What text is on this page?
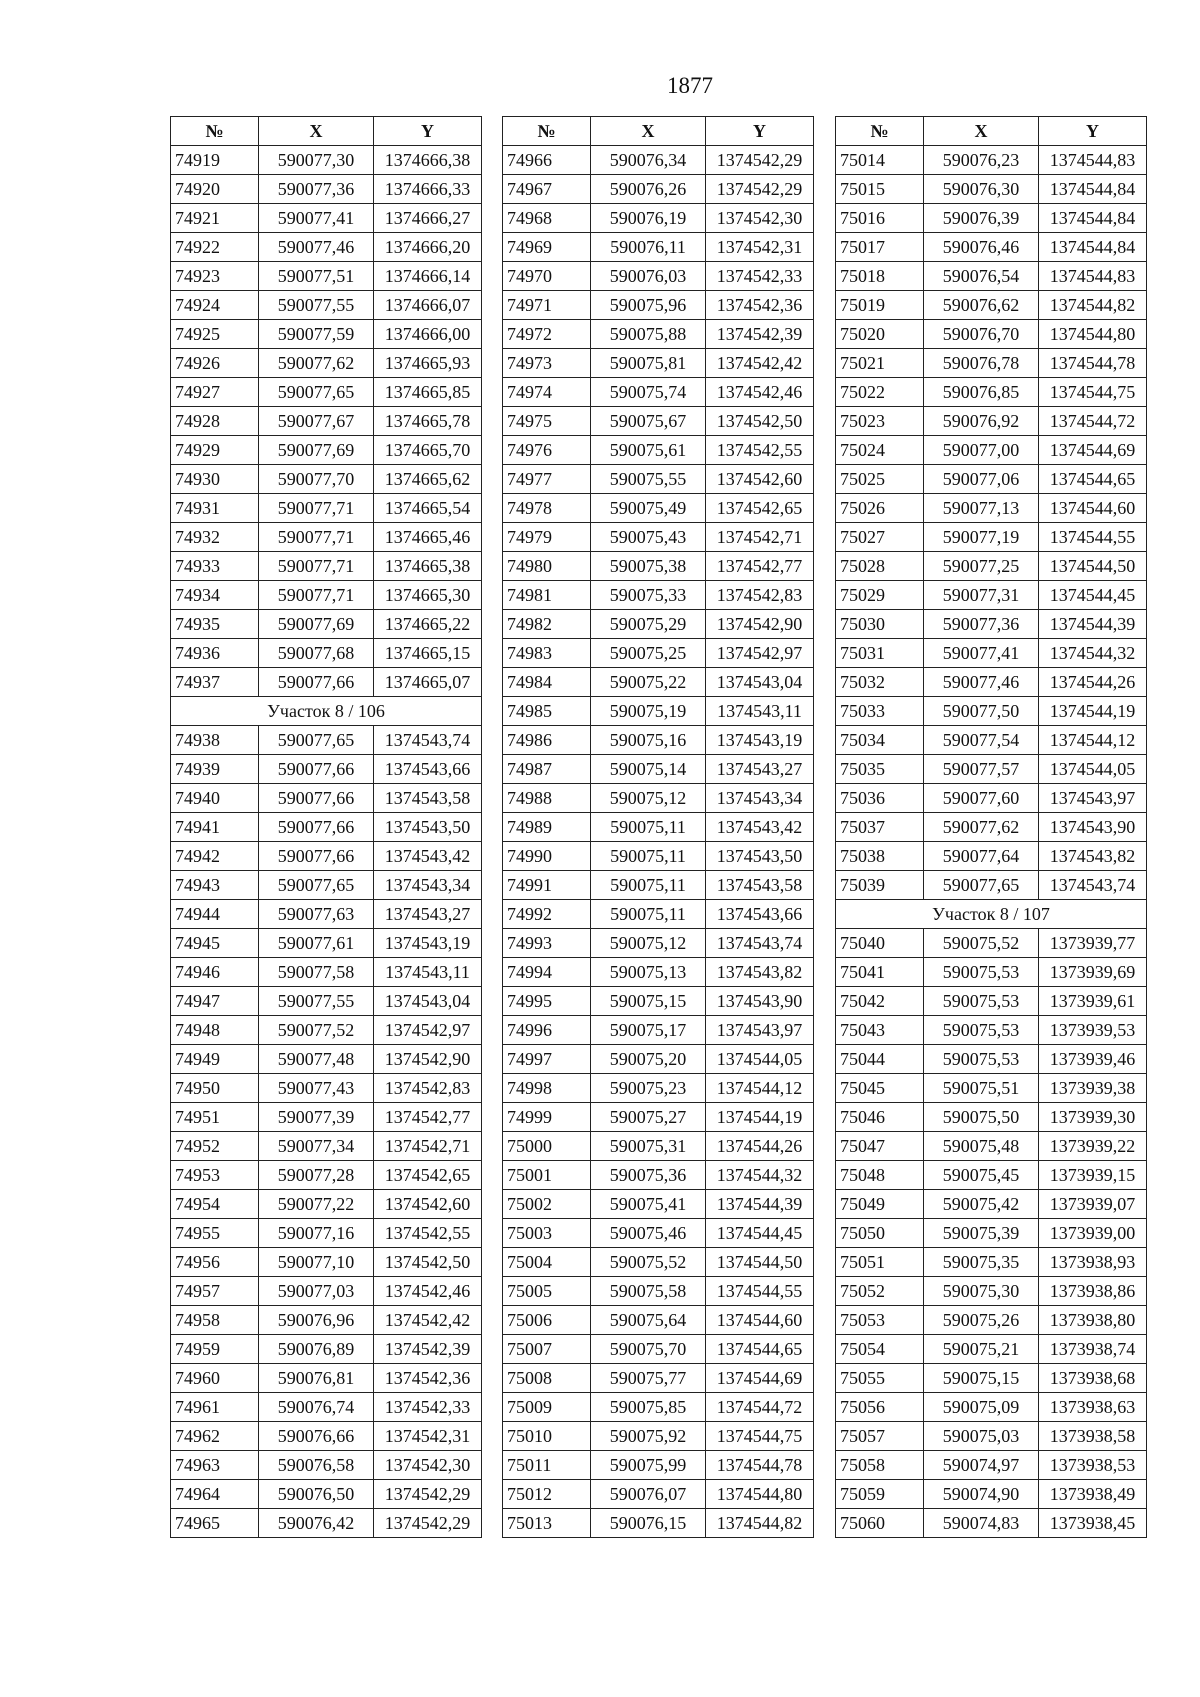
1877
№	X	Y
74919	590077,30	1374666,38
74920	590077,36	1374666,33
74921	590077,41	1374666,27
74922	590077,46	1374666,20
74923	590077,51	1374666,14
74924	590077,55	1374666,07
74925	590077,59	1374666,00
74926	590077,62	1374665,93
74927	590077,65	1374665,85
74928	590077,67	1374665,78
74929	590077,69	1374665,70
74930	590077,70	1374665,62
74931	590077,71	1374665,54
74932	590077,71	1374665,46
74933	590077,71	1374665,38
74934	590077,71	1374665,30
74935	590077,69	1374665,22
74936	590077,68	1374665,15
74937	590077,66	1374665,07
Участок 8 / 106		
74938	590077,65	1374543,74
74939	590077,66	1374543,66
74940	590077,66	1374543,58
74941	590077,66	1374543,50
74942	590077,66	1374543,42
74943	590077,65	1374543,34
74944	590077,63	1374543,27
74945	590077,61	1374543,19
74946	590077,58	1374543,11
74947	590077,55	1374543,04
74948	590077,52	1374542,97
74949	590077,48	1374542,90
74950	590077,43	1374542,83
74951	590077,39	1374542,77
74952	590077,34	1374542,71
74953	590077,28	1374542,65
74954	590077,22	1374542,60
74955	590077,16	1374542,55
74956	590077,10	1374542,50
74957	590077,03	1374542,46
74958	590076,96	1374542,42
74959	590076,89	1374542,39
74960	590076,81	1374542,36
74961	590076,74	1374542,33
74962	590076,66	1374542,31
74963	590076,58	1374542,30
74964	590076,50	1374542,29
74965	590076,42	1374542,29
№	X	Y
74966	590076,34	1374542,29
74967	590076,26	1374542,29
74968	590076,19	1374542,30
74969	590076,11	1374542,31
74970	590076,03	1374542,33
74971	590075,96	1374542,36
74972	590075,88	1374542,39
74973	590075,81	1374542,42
74974	590075,74	1374542,46
74975	590075,67	1374542,50
74976	590075,61	1374542,55
74977	590075,55	1374542,60
74978	590075,49	1374542,65
74979	590075,43	1374542,71
74980	590075,38	1374542,77
74981	590075,33	1374542,83
74982	590075,29	1374542,90
74983	590075,25	1374542,97
74984	590075,22	1374543,04
74985	590075,19	1374543,11
74986	590075,16	1374543,19
74987	590075,14	1374543,27
74988	590075,12	1374543,34
74989	590075,11	1374543,42
74990	590075,11	1374543,50
74991	590075,11	1374543,58
74992	590075,11	1374543,66
74993	590075,12	1374543,74
74994	590075,13	1374543,82
74995	590075,15	1374543,90
74996	590075,17	1374543,97
74997	590075,20	1374544,05
74998	590075,23	1374544,12
74999	590075,27	1374544,19
75000	590075,31	1374544,26
75001	590075,36	1374544,32
75002	590075,41	1374544,39
75003	590075,46	1374544,45
75004	590075,52	1374544,50
75005	590075,58	1374544,55
75006	590075,64	1374544,60
75007	590075,70	1374544,65
75008	590075,77	1374544,69
75009	590075,85	1374544,72
75010	590075,92	1374544,75
75011	590075,99	1374544,78
75012	590076,07	1374544,80
75013	590076,15	1374544,82
№	X	Y
75014	590076,23	1374544,83
75015	590076,30	1374544,84
75016	590076,39	1374544,84
75017	590076,46	1374544,84
75018	590076,54	1374544,83
75019	590076,62	1374544,82
75020	590076,70	1374544,80
75021	590076,78	1374544,78
75022	590076,85	1374544,75
75023	590076,92	1374544,72
75024	590077,00	1374544,69
75025	590077,06	1374544,65
75026	590077,13	1374544,60
75027	590077,19	1374544,55
75028	590077,25	1374544,50
75029	590077,31	1374544,45
75030	590077,36	1374544,39
75031	590077,41	1374544,32
75032	590077,46	1374544,26
75033	590077,50	1374544,19
75034	590077,54	1374544,12
75035	590077,57	1374544,05
75036	590077,60	1374543,97
75037	590077,62	1374543,90
75038	590077,64	1374543,82
75039	590077,65	1374543,74
Участок 8 / 107		
75040	590075,52	1373939,77
75041	590075,53	1373939,69
75042	590075,53	1373939,61
75043	590075,53	1373939,53
75044	590075,53	1373939,46
75045	590075,51	1373939,38
75046	590075,50	1373939,30
75047	590075,48	1373939,22
75048	590075,45	1373939,15
75049	590075,42	1373939,07
75050	590075,39	1373939,00
75051	590075,35	1373938,93
75052	590075,30	1373938,86
75053	590075,26	1373938,80
75054	590075,21	1373938,74
75055	590075,15	1373938,68
75056	590075,09	1373938,63
75057	590075,03	1373938,58
75058	590074,97	1373938,53
75059	590074,90	1373938,49
75060	590074,83	1373938,45
